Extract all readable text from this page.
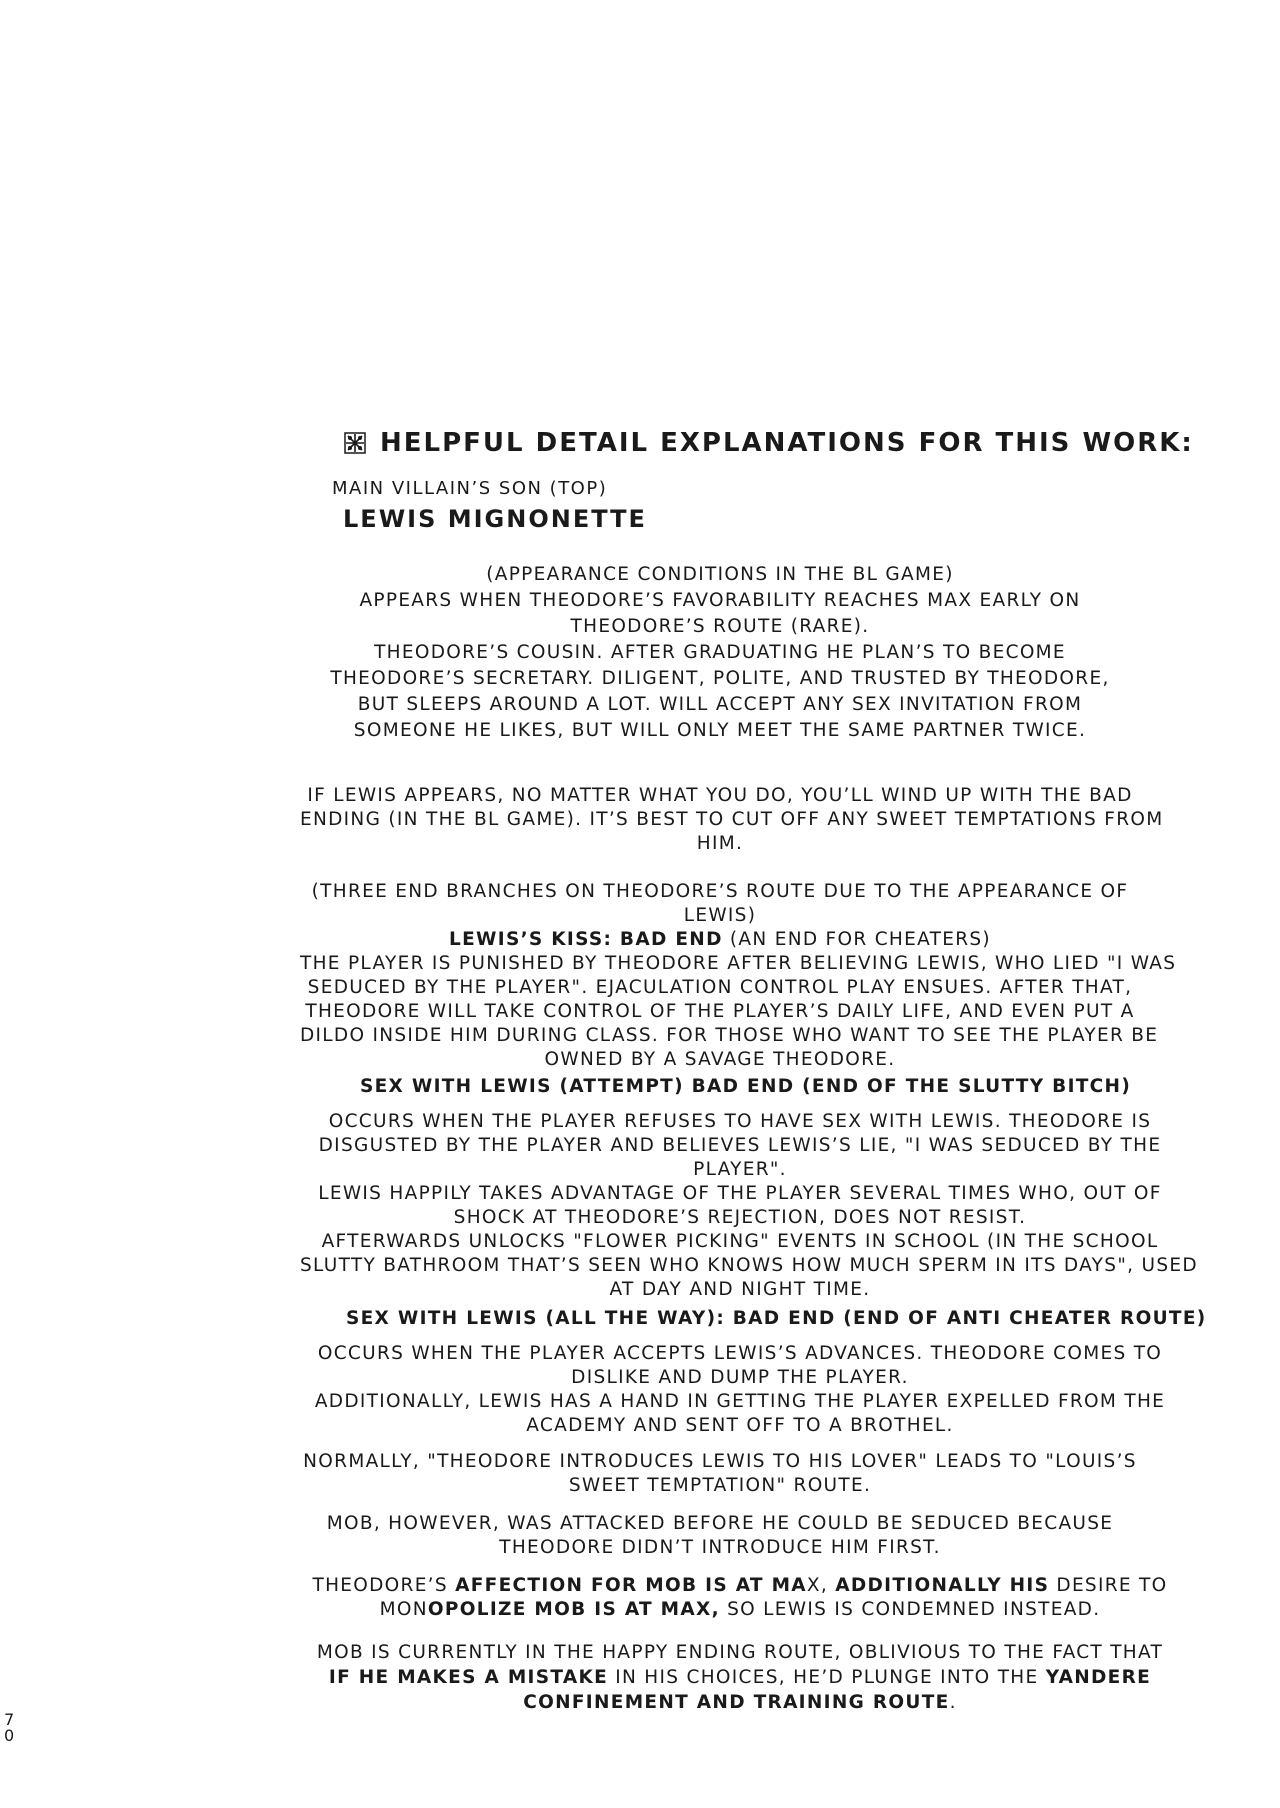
HELPFUL DETAIL EXPLANATIONS FOR THIS WORK:
MAIN VILLAIN’S SON (TOP)
LEWIS MIGNONETTE
(APPEARANCE CONDITIONS IN THE BL GAME)
APPEARS WHEN THEODORE’S FAVORABILITY REACHES MAX EARLY ON
THEODORE’S ROUTE (RARE).
THEODORE’S COUSIN. AFTER GRADUATING HE PLAN’S TO BECOME
THEODORE’S SECRETARY. DILIGENT, POLITE, AND TRUSTED BY THEODORE,
BUT SLEEPS AROUND A LOT. WILL ACCEPT ANY SEX INVITATION FROM
SOMEONE HE LIKES, BUT WILL ONLY MEET THE SAME PARTNER TWICE.
IF LEWIS APPEARS, NO MATTER WHAT YOU DO, YOU’LL WIND UP WITH THE BAD
ENDING (IN THE BL GAME). IT’S BEST TO CUT OFF ANY SWEET TEMPTATIONS FROM
HIM.
(THREE END BRANCHES ON THEODORE’S ROUTE DUE TO THE APPEARANCE OF
LEWIS)
LEWIS’S KISS: BAD END (AN END FOR CHEATERS)
THE PLAYER IS PUNISHED BY THEODORE AFTER BELIEVING LEWIS, WHO LIED "I WAS
SEDUCED BY THE PLAYER". EJACULATION CONTROL PLAY ENSUES. AFTER THAT,
THEODORE WILL TAKE CONTROL OF THE PLAYER’S DAILY LIFE, AND EVEN PUT A
DILDO INSIDE HIM DURING CLASS. FOR THOSE WHO WANT TO SEE THE PLAYER BE
OWNED BY A SAVAGE THEODORE.
SEX WITH LEWIS (ATTEMPT) BAD END (END OF THE SLUTTY BITCH)
OCCURS WHEN THE PLAYER REFUSES TO HAVE SEX WITH LEWIS. THEODORE IS
DISGUSTED BY THE PLAYER AND BELIEVES LEWIS’S LIE, "I WAS SEDUCED BY THE
PLAYER".
LEWIS HAPPILY TAKES ADVANTAGE OF THE PLAYER SEVERAL TIMES WHO, OUT OF
SHOCK AT THEODORE’S REJECTION, DOES NOT RESIST.
AFTERWARDS UNLOCKS "FLOWER PICKING" EVENTS IN SCHOOL (IN THE SCHOOL
SLUTTY BATHROOM THAT’S SEEN WHO KNOWS HOW MUCH SPERM IN ITS DAYS", USED
AT DAY AND NIGHT TIME.
SEX WITH LEWIS (ALL THE WAY): BAD END (END OF ANTI CHEATER ROUTE)
OCCURS WHEN THE PLAYER ACCEPTS LEWIS’S ADVANCES. THEODORE COMES TO
DISLIKE AND DUMP THE PLAYER.
ADDITIONALLY, LEWIS HAS A HAND IN GETTING THE PLAYER EXPELLED FROM THE
ACADEMY AND SENT OFF TO A BROTHEL.
NORMALLY, "THEODORE INTRODUCES LEWIS TO HIS LOVER" LEADS TO "LOUIS’S
SWEET TEMPTATION" ROUTE.
MOB, HOWEVER, WAS ATTACKED BEFORE HE COULD BE SEDUCED BECAUSE
THEODORE DIDN’T INTRODUCE HIM FIRST.
THEODORE’S AFFECTION FOR MOB IS AT MAX, ADDITIONALLY HIS DESIRE TO
MONOPOLIZE MOB IS AT MAX, SO LEWIS IS CONDEMNED INSTEAD.
MOB IS CURRENTLY IN THE HAPPY ENDING ROUTE, OBLIVIOUS TO THE FACT THAT
IF HE MAKES A MISTAKE IN HIS CHOICES, HE’D PLUNGE INTO THE YANDERE
CONFINEMENT AND TRAINING ROUTE.
7
0
